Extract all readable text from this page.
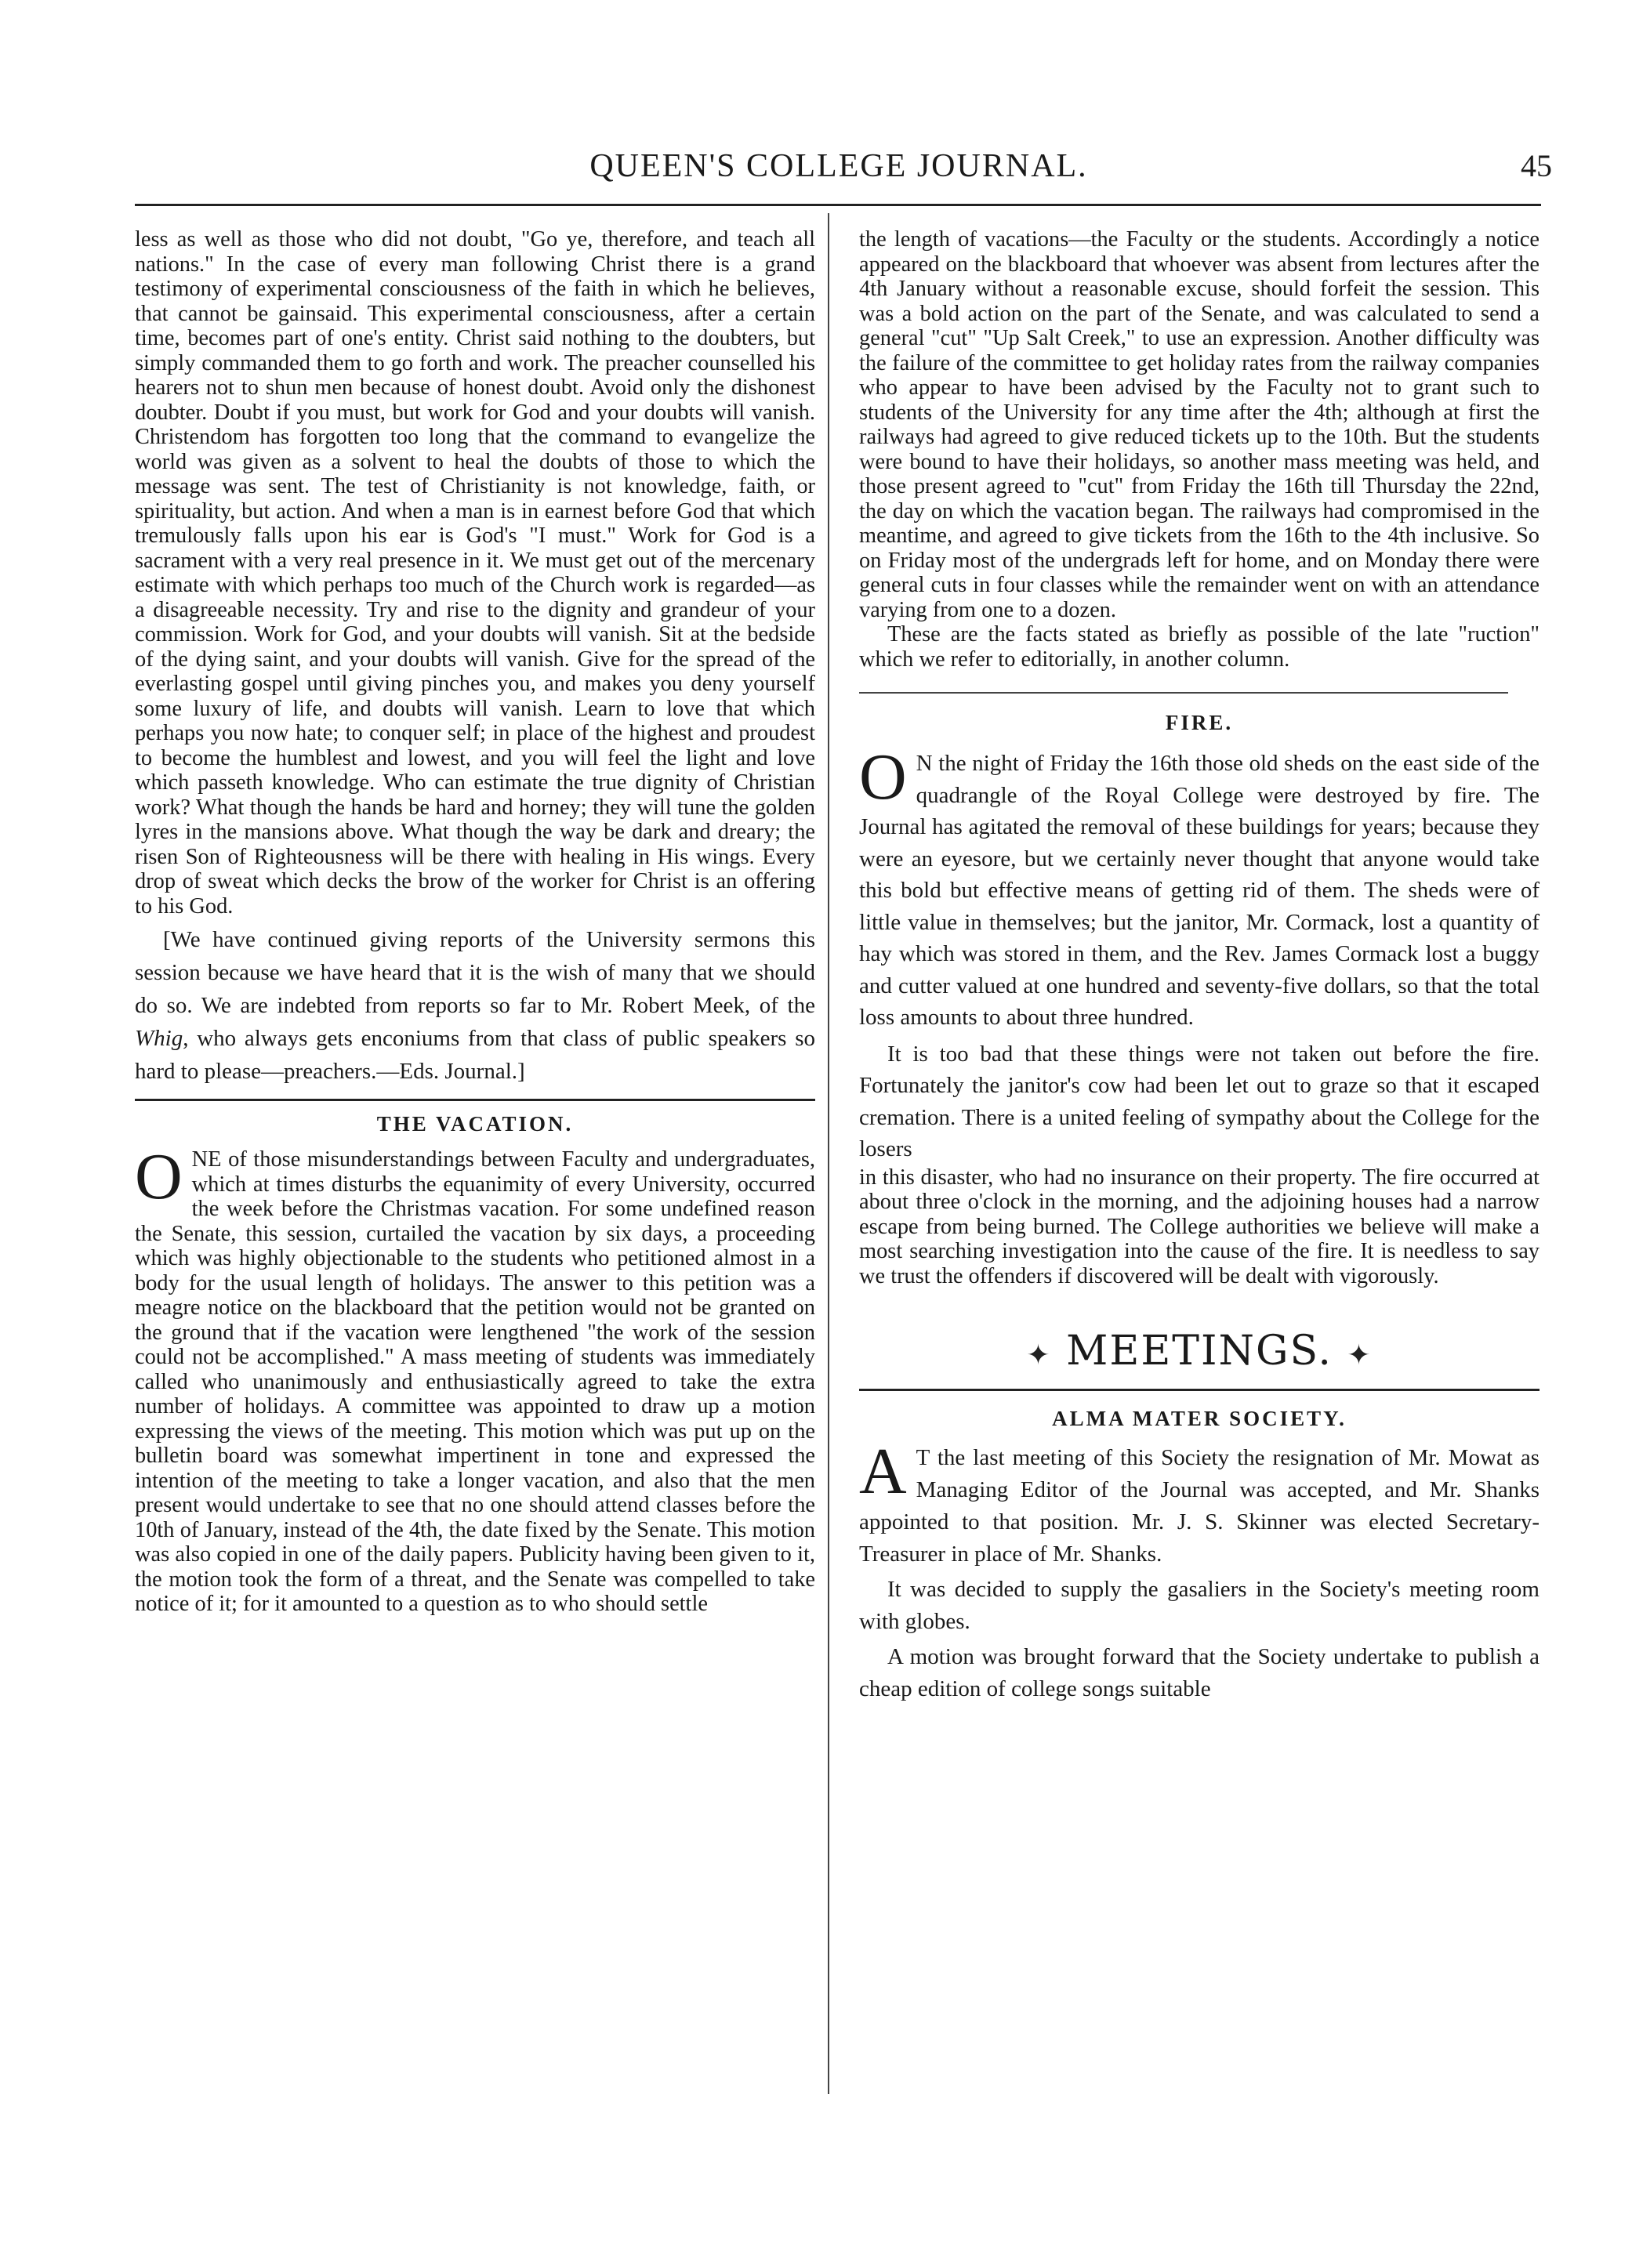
QUEEN'S COLLEGE JOURNAL.	45

less as well as those who did not doubt, "Go ye, therefore, and teach all nations." In the case of every man following Christ there is a grand testimony of experimental consciousness of the faith in which he believes, that cannot be gainsaid. This experimental consciousness, after a certain time, becomes part of one's entity. Christ said nothing to the doubters, but simply commanded them to go forth and work. The preacher counselled his hearers not to shun men because of honest doubt. Avoid only the dishonest doubter. Doubt if you must, but work for God and your doubts will vanish. Christendom has forgotten too long that the command to evangelize the world was given as a solvent to heal the doubts of those to which the message was sent. The test of Christianity is not knowledge, faith, or spirituality, but action. And when a man is in earnest before God that which tremulously falls upon his ear is God's "I must." Work for God is a sacrament with a very real presence in it. We must get out of the mercenary estimate with which perhaps too much of the Church work is regarded—as a disagreeable necessity. Try and rise to the dignity and grandeur of your commission. Work for God, and your doubts will vanish. Sit at the bedside of the dying saint, and your doubts will vanish. Give for the spread of the everlasting gospel until giving pinches you, and makes you deny yourself some luxury of life, and doubts will vanish. Learn to love that which perhaps you now hate; to conquer self; in place of the highest and proudest to become the humblest and lowest, and you will feel the light and love which passeth knowledge. Who can estimate the true dignity of Christian work? What though the hands be hard and horney; they will tune the golden lyres in the mansions above. What though the way be dark and dreary; the risen Son of Righteousness will be there with healing in His wings. Every drop of sweat which decks the brow of the worker for Christ is an offering to his God.

[We have continued giving reports of the University sermons this session because we have heard that it is the wish of many that we should do so. We are indebted from reports so far to Mr. Robert Meek, of the Whig, who always gets enconiums from that class of public speakers so hard to please—preachers.—Eds. Journal.]

THE VACATION.

ONE of those misunderstandings between Faculty and undergraduates, which at times disturbs the equanimity of every University, occurred the week before the Christmas vacation. For some undefined reason the Senate, this session, curtailed the vacation by six days, a proceeding which was highly objectionable to the students who petitioned almost in a body for the usual length of holidays. The answer to this petition was a meagre notice on the blackboard that the petition would not be granted on the ground that if the vacation were lengthened "the work of the session could not be accomplished." A mass meeting of students was immediately called who unanimously and enthusiastically agreed to take the extra number of holidays. A committee was appointed to draw up a motion expressing the views of the meeting. This motion which was put up on the bulletin board was somewhat impertinent in tone and expressed the intention of the meeting to take a longer vacation, and also that the men present would undertake to see that no one should attend classes before the 10th of January, instead of the 4th, the date fixed by the Senate. This motion was also copied in one of the daily papers. Publicity having been given to it, the motion took the form of a threat, and the Senate was compelled to take notice of it; for it amounted to a question as to who should settle

the length of vacations—the Faculty or the students. Accordingly a notice appeared on the blackboard that whoever was absent from lectures after the 4th January without a reasonable excuse, should forfeit the session. This was a bold action on the part of the Senate, and was calculated to send a general "cut" "Up Salt Creek," to use an expression. Another difficulty was the failure of the committee to get holiday rates from the railway companies who appear to have been advised by the Faculty not to grant such to students of the University for any time after the 4th; although at first the railways had agreed to give reduced tickets up to the 10th. But the students were bound to have their holidays, so another mass meeting was held, and those present agreed to "cut" from Friday the 16th till Thursday the 22nd, the day on which the vacation began. The railways had compromised in the meantime, and agreed to give tickets from the 16th to the 4th inclusive. So on Friday most of the undergrads left for home, and on Monday there were general cuts in four classes while the remainder went on with an attendance varying from one to a dozen.

These are the facts stated as briefly as possible of the late "ruction" which we refer to editorially, in another column.

FIRE.

O N the night of Friday the 16th those old sheds on the east side of the quadrangle of the Royal College were destroyed by fire. The Journal has agitated the removal of these buildings for years; because they were an eyesore, but we certainly never thought that anyone would take this bold but effective means of getting rid of them. The sheds were of little value in themselves; but the janitor, Mr. Cormack, lost a quantity of hay which was stored in them, and the Rev. James Cormack lost a buggy and cutter valued at one hundred and seventy-five dollars, so that the total loss amounts to about three hundred.

It is too bad that these things were not taken out before the fire. Fortunately the janitor's cow had been let out to graze so that it escaped cremation. There is a united feeling of sympathy about the College for the losers

in this disaster, who had no insurance on their property. The fire occurred at about three o'clock in the morning, and the adjoining houses had a narrow escape from being burned. The College authorities we believe will make a most searching investigation into the cause of the fire. It is needless to say we trust the offenders if discovered will be dealt with vigorously.

✦︎ MEETINGS. ✦︎
ALMA MATER SOCIETY.

A T the last meeting of this Society the resignation of Mr. Mowat as Managing Editor of the Journal was accepted, and Mr. Shanks appointed to that position. Mr. J. S. Skinner was elected Secretary-Treasurer in place of Mr. Shanks.

It was decided to supply the gasaliers in the Society's meeting room with globes.

A motion was brought forward that the Society undertake to publish a cheap edition of college songs suitable
